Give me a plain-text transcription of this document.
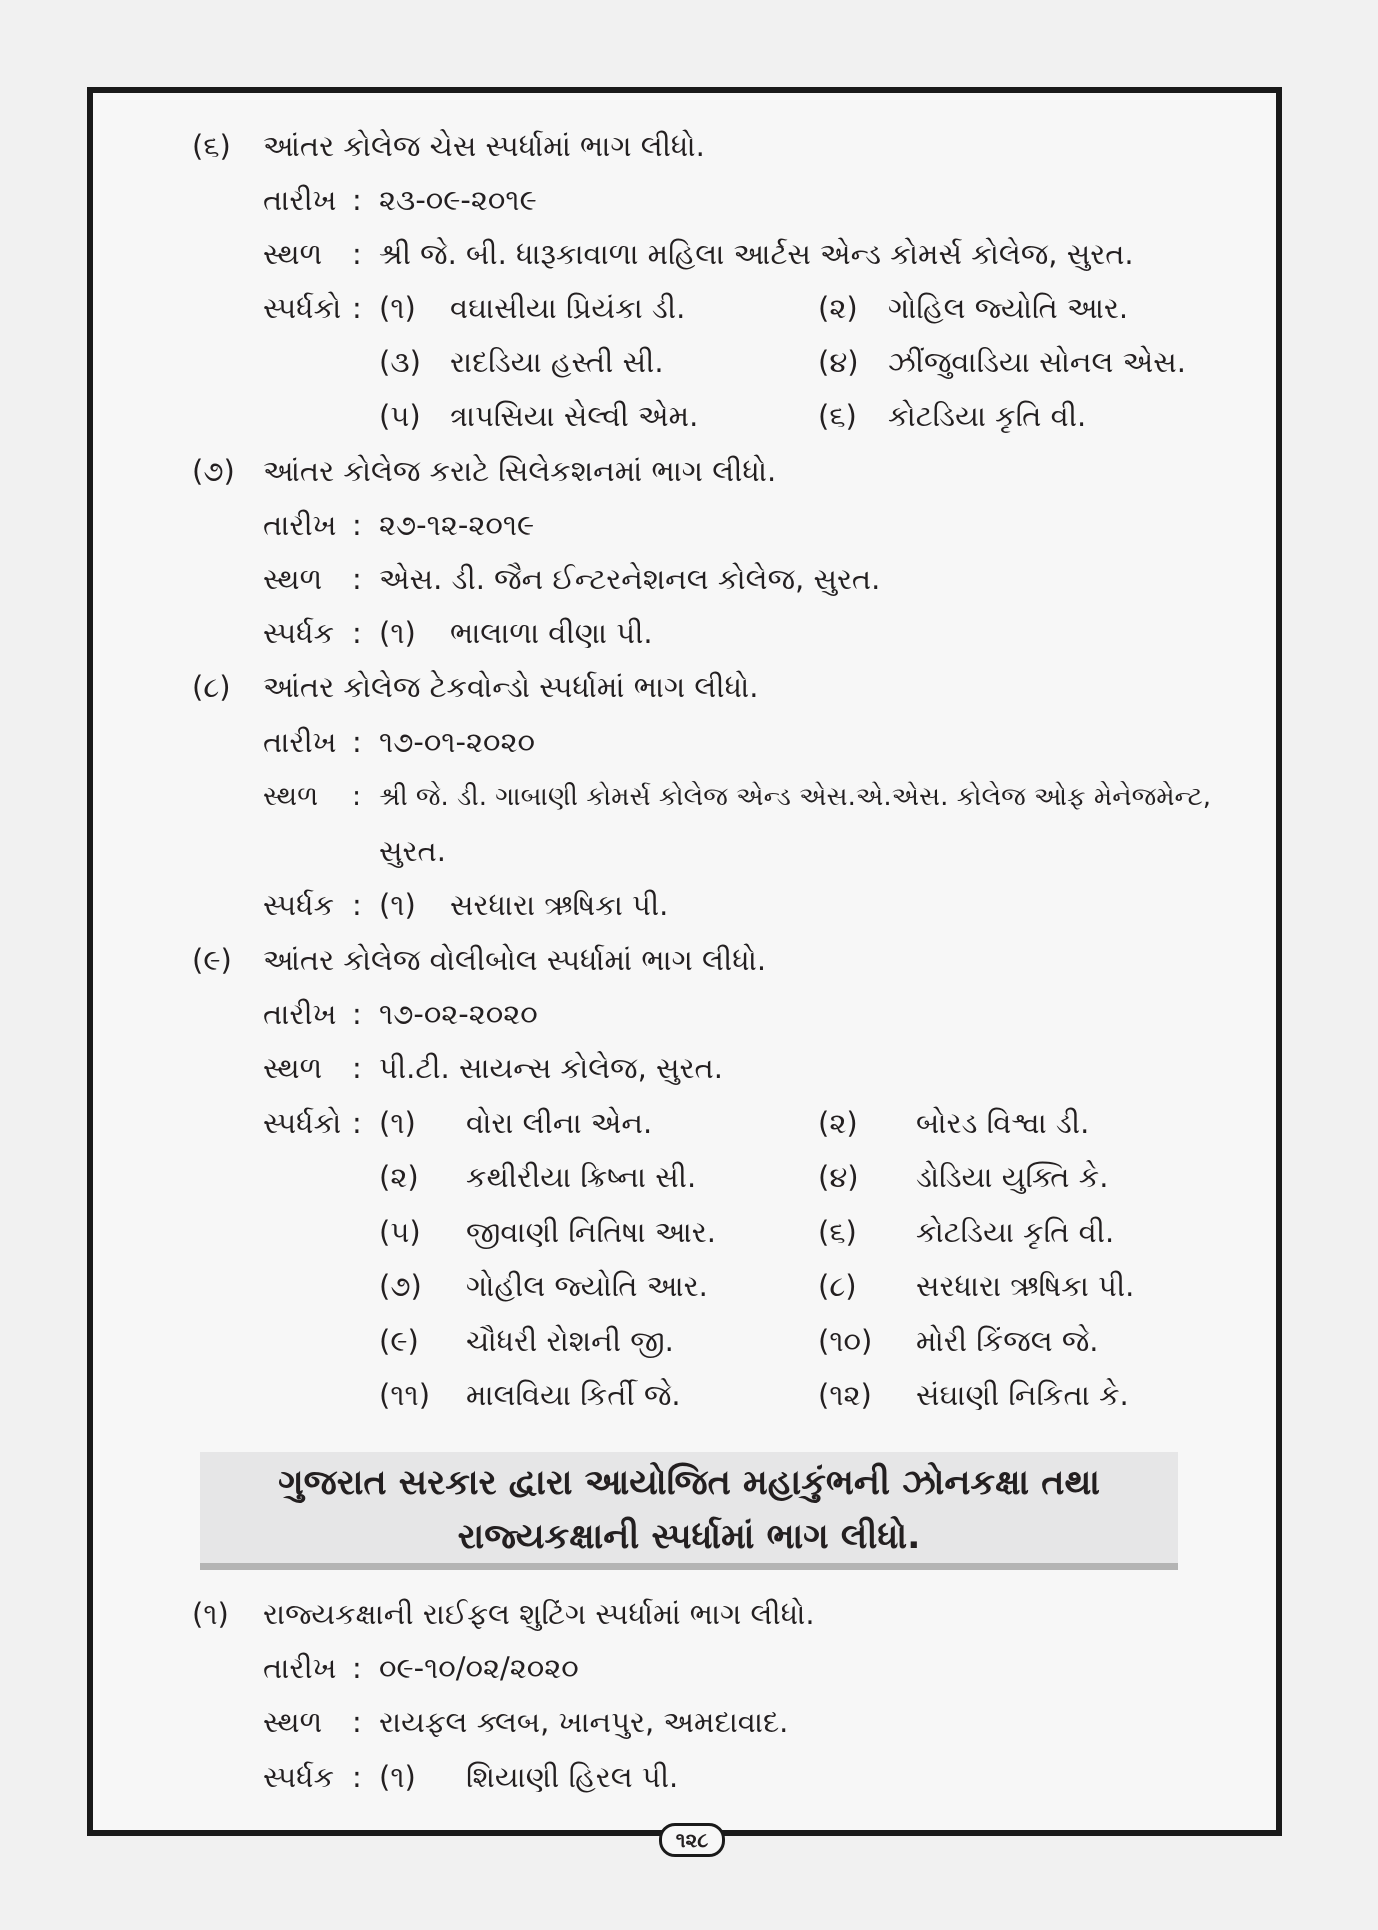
(૬) આંતર કોલેજ ચેસ સ્પર્ધામાં ભાગ લીધો.
તારીખ : ૨૩-૦૯-૨૦૧૯
સ્થળ : શ્રી જે. બી. ધારૂકાવાળા મહિલા આર્ટસ એન્ડ કોમર્સ કોલેજ, સુરત.
સ્પર્ધકો : (૧) વઘાસીયા પ્રિયંકા ડી.	(૨) ગોહિલ જ્યોતિ આર.
(૩) રાદડિયા હસ્તી સી.	(૪) ઝીંજુવાડિયા સોનલ એસ.
(૫) ત્રાપસિયા સેલ્વી એમ.	(૬) કોટડિયા કૃતિ વી.
(૭) આંતર કોલેજ કરાટે સિલેકશનમાં ભાગ લીધો.
તારીખ : ૨૭-૧૨-૨૦૧૯
સ્થળ : એસ. ડી. જૈન ઈન્ટરનેશનલ કોલેજ, સુરત.
સ્પર્ધક : (૧) ભાલાળા વીણા પી.
(૮) આંતર કોલેજ ટેકવોન્ડો સ્પર્ધામાં ભાગ લીધો.
તારીખ : ૧૭-૦૧-૨૦૨૦
સ્થળ : શ્રી જે. ડી. ગાબાણી કોમર્સ કોલેજ એન્ડ એસ.એ.એસ. કોલેજ ઓફ મેનેજમેન્ટ,
સુરત.
સ્પર્ધક : (૧) સરધારા ઋષિકા પી.
(૯) આંતર કોલેજ વોલીબોલ સ્પર્ધામાં ભાગ લીધો.
તારીખ : ૧૭-૦૨-૨૦૨૦
સ્થળ : પી.ટી. સાયન્સ કોલેજ, સુરત.
સ્પર્ધકો : (૧) વોરા લીના એન.	(૨) બોરડ વિશ્વા ડી.
(૨) કથીરીયા ક્રિષ્ના સી.	(૪) ડોડિયા યુક્તિ કે.
(૫) જીવાણી નિતિષા આર.	(૬) કોટડિયા કૃતિ વી.
(૭) ગોહીલ જ્યોતિ આર.	(૮) સરધારા ઋષિકા પી.
(૯) ચૌધરી રોશની જી.	(૧૦) મોરી કિંજલ જે.
(૧૧) માલવિયા કિર્તી જે.	(૧૨) સંઘાણી નિકિતા કે.
ગુજરાત સરકાર દ્વારા આયોજિત મહાકુંભની ઝોનકક્ષા તથા
રાજ્યકક્ષાની સ્પર્ધામાં ભાગ લીધો.
(૧) રાજ્યકક્ષાની રાઈફલ શુટિંગ સ્પર્ધામાં ભાગ લીધો.
તારીખ : ૦૯-૧૦/૦૨/૨૦૨૦
સ્થળ : રાયફલ ક્લબ, ખાનપુર, અમદાવાદ.
સ્પર્ધક : (૧) શિયાણી હિરલ પી.
૧૨૮
